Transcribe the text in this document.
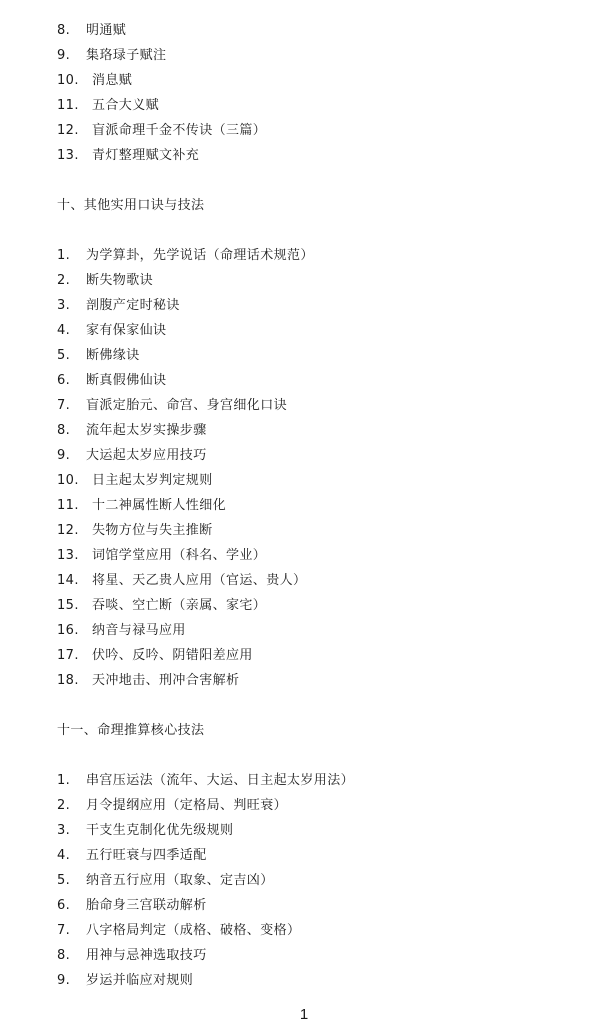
8. 明通赋
9. 集珞琭子赋注
10. 消息赋
11. 五合大义赋
12. 盲派命理千金不传诀（三篇）
13. 青灯整理赋文补充
十、其他实用口诀与技法
1. 为学算卦，先学说话（命理话术规范）
2. 断失物歌诀
3. 剖腹产定时秘诀
4. 家有保家仙诀
5. 断佛缘诀
6. 断真假佛仙诀
7. 盲派定胎元、命宫、身宫细化口诀
8. 流年起太岁实操步骤
9. 大运起太岁应用技巧
10. 日主起太岁判定规则
11. 十二神属性断人性细化
12. 失物方位与失主推断
13. 词馆学堂应用（科名、学业）
14. 将星、天乙贵人应用（官运、贵人）
15. 吞啖、空亡断（亲属、家宅）
16. 纳音与禄马应用
17. 伏吟、反吟、阴错阳差应用
18. 天冲地击、刑冲合害解析
十一、命理推算核心技法
1. 串宫压运法（流年、大运、日主起太岁用法）
2. 月令提纲应用（定格局、判旺衰）
3. 干支生克制化优先级规则
4. 五行旺衰与四季适配
5. 纳音五行应用（取象、定吉凶）
6. 胎命身三宫联动解析
7. 八字格局判定（成格、破格、变格）
8. 用神与忌神选取技巧
9. 岁运并临应对规则
1
